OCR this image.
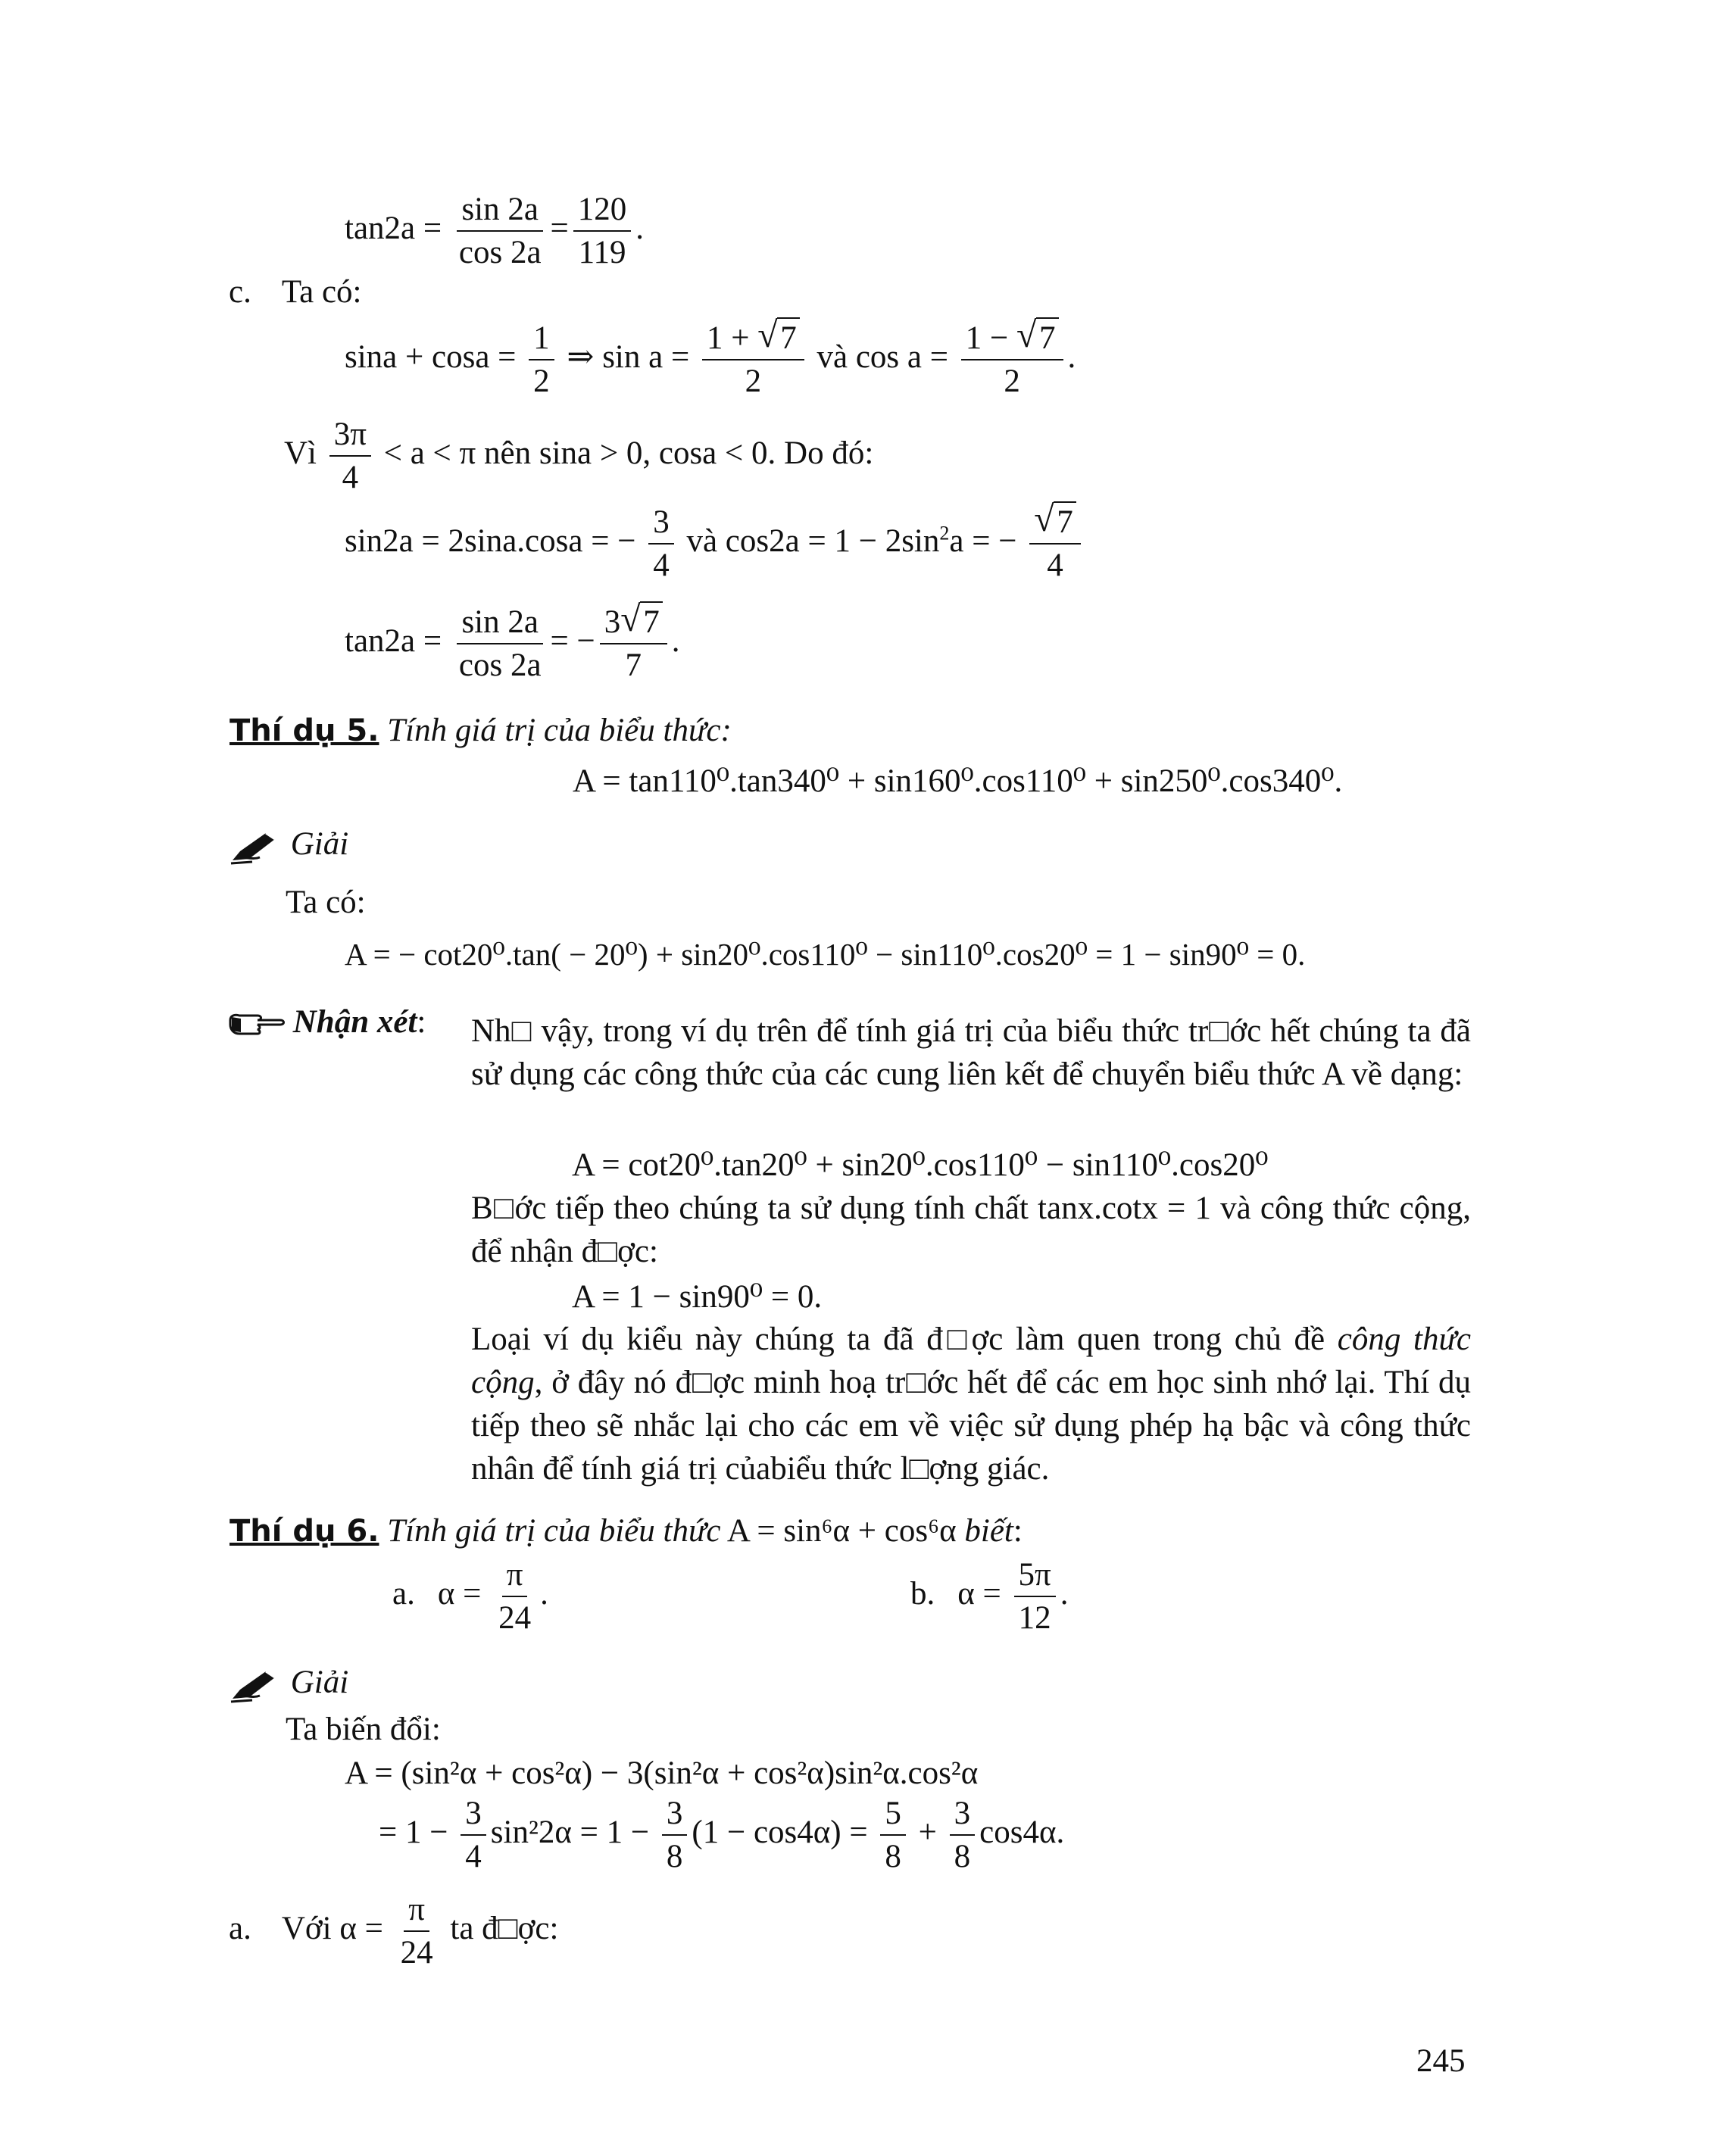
$\tan 2a = \frac{\sin 2a}{\cos 2a} = \frac{120}{119}$ .
c. Ta có:
$\sin a + \cos a = \frac{1}{2}$ ⇒ $\sin a = \frac{1 + √ 7}{2}$ và $\cos a = \frac{1 - √ 7}{2}$ .
Vì $\frac{3\pi}{4} < a < \pi$ nên sina > 0, cosa < 0. Do đó:
sin2a = 2sina.cosa = − $\frac{3}{4}$ và $\cos 2a = 1 - 2\sin^2a$ = − √ $\frac{7}{4}$
$\tan 2a = \frac{\sin 2a}{\cos 2a}$ = − $\frac{3 √ 7}{7}$ .
Thí dụ 5. Tính giá trị của biểu thức:
A = tan110⁰.tan340⁰ + sin160⁰.cos110⁰ + sin250⁰.cos340⁰.
Giải
Ta có:
A = − cot20⁰.tan( − 20⁰) + sin20⁰.cos110⁰ − sin110⁰.cos20⁰ = 1 − sin90⁰ = 0.
Nhận xét: Nh□ vậy, trong ví dụ trên để tính giá trị của biểu thức tr□ớc hết chúng ta đã sử dụng các công thức của các cung liên kết để chuyển biểu thức A về dạng:
A = cot20⁰.tan20⁰ + sin20⁰.cos110⁰ − sin110⁰.cos20⁰
B□ớc tiếp theo chúng ta sử dụng tính chất tanx.cotx = 1 và công thức cộng, để nhận đ□ợc:
A = 1 − sin90⁰ = 0.
Loại ví dụ kiểu này chúng ta đã đ□ợc làm quen trong chủ đề công thức cộng, ở đây nó đ□ợc minh hoạ tr□ớc hết để các em học sinh nhớ lại. Thí dụ tiếp theo sẽ nhắc lại cho các em về việc sử dụng phép hạ bậc và công thức nhân để tính giá trị củabiểu thức l□ợng giác.
Thí dụ 6. Tính giá trị của biểu thức A = sin⁶α + cos⁶α biết:
a. $\alpha = \frac{\pi}{24}$ .	b. $\alpha = \frac{5\pi}{12}$ .
Giải
Ta biến đổi:
A = (sin²α + cos²α) − 3(sin²α + cos²α)sin²α.cos²α
= $1 - \frac{3}{4} \sin^22\alpha = 1 - \frac{3}{8} (1 - \cos 4\alpha) = \frac{5}{8} + \frac{3}{8} \cos 4\alpha$.
a. Với $\alpha = \frac{\pi}{24}$ ta đ□ợc:
245
